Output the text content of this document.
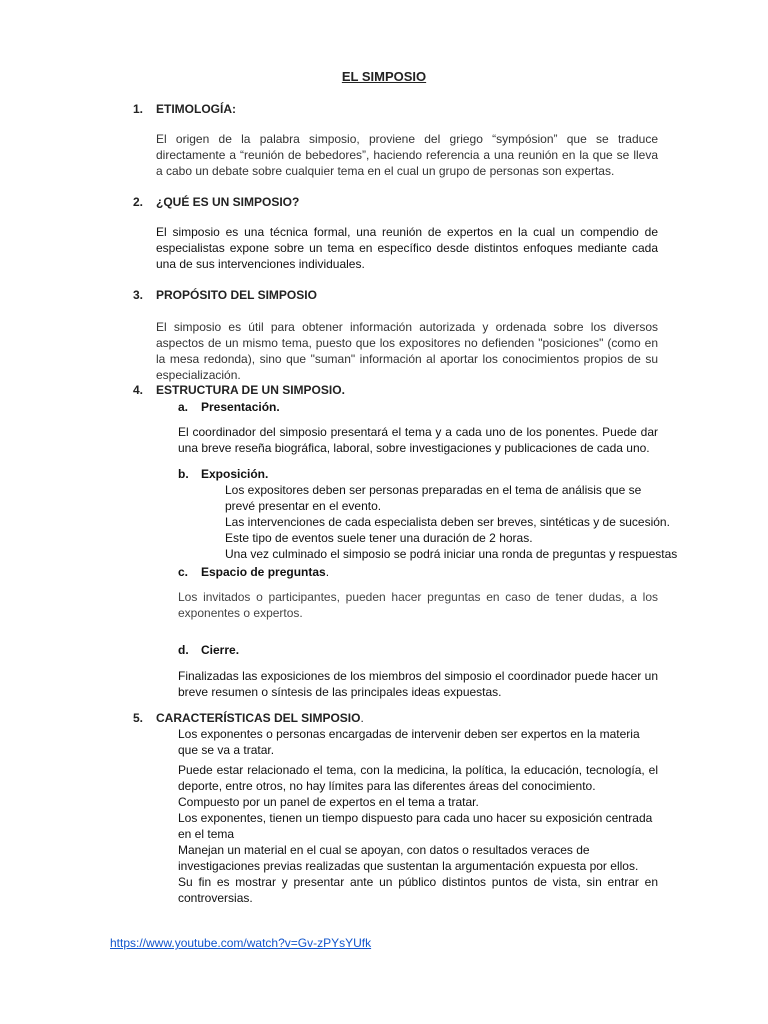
EL SIMPOSIO
1. ETIMOLOGÍA:
El origen de la palabra simposio, proviene del griego “sympósion” que se traduce directamente a “reunión de bebedores”, haciendo referencia a una reunión en la que se lleva a cabo un debate sobre cualquier tema en el cual un grupo de personas son expertas.
2. ¿QUÉ ES UN SIMPOSIO?
El simposio es una técnica formal, una reunión de expertos en la cual un compendio de especialistas expone sobre un tema en específico desde distintos enfoques mediante cada una de sus intervenciones individuales.
3. PROPÓSITO DEL SIMPOSIO
El simposio es útil para obtener información autorizada y ordenada sobre los diversos aspectos de un mismo tema, puesto que los expositores no defienden "posiciones" (como en la mesa redonda), sino que "suman" información al aportar los conocimientos propios de su especialización.
4. ESTRUCTURA DE UN SIMPOSIO.
a. Presentación.
El coordinador del simposio presentará el tema y a cada uno de los ponentes. Puede dar una breve reseña biográfica, laboral, sobre investigaciones y publicaciones de cada uno.
b. Exposición.
Los expositores deben ser personas preparadas en el tema de análisis que se prevé presentar en el evento.
Las intervenciones de cada especialista deben ser breves, sintéticas y de sucesión.
Este tipo de eventos suele tener una duración de 2 horas.
Una vez culminado el simposio se podrá iniciar una ronda de preguntas y respuestas
c. Espacio de preguntas.
Los invitados o participantes, pueden hacer preguntas en caso de tener dudas, a los exponentes o expertos.
d. Cierre.
Finalizadas las exposiciones de los miembros del simposio el coordinador puede hacer un breve resumen o síntesis de las principales ideas expuestas.
5. CARACTERÍSTICAS DEL SIMPOSIO.
Los exponentes o personas encargadas de intervenir deben ser expertos en la materia que se va a tratar.
Puede estar relacionado el tema, con la medicina, la política, la educación, tecnología, el deporte, entre otros, no hay límites para las diferentes áreas del conocimiento.
Compuesto por un panel de expertos en el tema a tratar.
Los exponentes, tienen un tiempo dispuesto para cada uno hacer su exposición centrada en el tema
Manejan un material en el cual se apoyan, con datos o resultados veraces de investigaciones previas realizadas que sustentan la argumentación expuesta por ellos.
Su fin es mostrar y presentar ante un público distintos puntos de vista, sin entrar en controversias.
https://www.youtube.com/watch?v=Gv-zPYsYUfk
